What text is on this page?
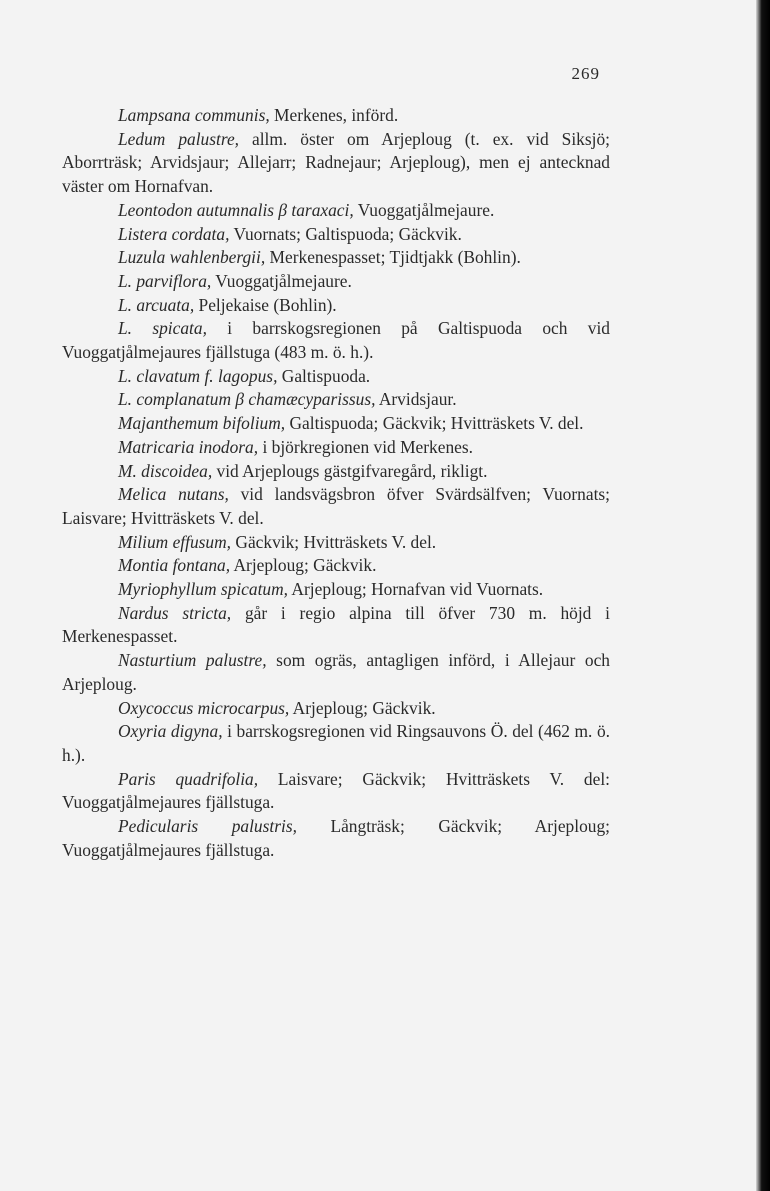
269

Lampsana communis, Merkenes, införd.

Ledum palustre, allm. öster om Arjeploug (t. ex. vid Siksjö; Aborrträsk; Arvidsjaur; Allejarr; Radnejaur; Arjeploug), men ej antecknad väster om Hornafvan.

Leontodon autumnalis β taraxaci, Vuoggatjålmejaure.

Listera cordata, Vuornats; Galtispuoda; Gäckvik.

Luzula wahlenbergii, Merkenespasset; Tjidtjakk (Bohlin).

L. parviflora, Vuoggatjålmejaure.

L. arcuata, Peljekaise (Bohlin).

L. spicata, i barrskogsregionen på Galtispuoda och vid Vuoggatjålmejaures fjällstuga (483 m. ö. h.).

L. clavatum f. lagopus, Galtispuoda.

L. complanatum β chamæcyparissus, Arvidsjaur.

Majanthemum bifolium, Galtispuoda; Gäckvik; Hvitträskets V. del.

Matricaria inodora, i björkregionen vid Merkenes.

M. discoidea, vid Arjeplougs gästgifvaregård, rikligt.

Melica nutans, vid landsvägsbron öfver Svärdsälfven; Vuornats; Laisvare; Hvitträskets V. del.

Milium effusum, Gäckvik; Hvitträskets V. del.

Montia fontana, Arjeploug; Gäckvik.

Myriophyllum spicatum, Arjeploug; Hornafvan vid Vuornats.

Nardus stricta, går i regio alpina till öfver 730 m. höjd i Merkenespasset.

Nasturtium palustre, som ogräs, antagligen införd, i Allejaur och Arjeploug.

Oxycoccus microcarpus, Arjeploug; Gäckvik.

Oxyria digyna, i barrskogsregionen vid Ringsauvons Ö. del (462 m. ö. h.).

Paris quadrifolia, Laisvare; Gäckvik; Hvitträskets V. del: Vuoggatjålmejaures fjällstuga.

Pedicularis palustris, Långträsk; Gäckvik; Arjeploug; Vuoggatjålmejaures fjällstuga.
